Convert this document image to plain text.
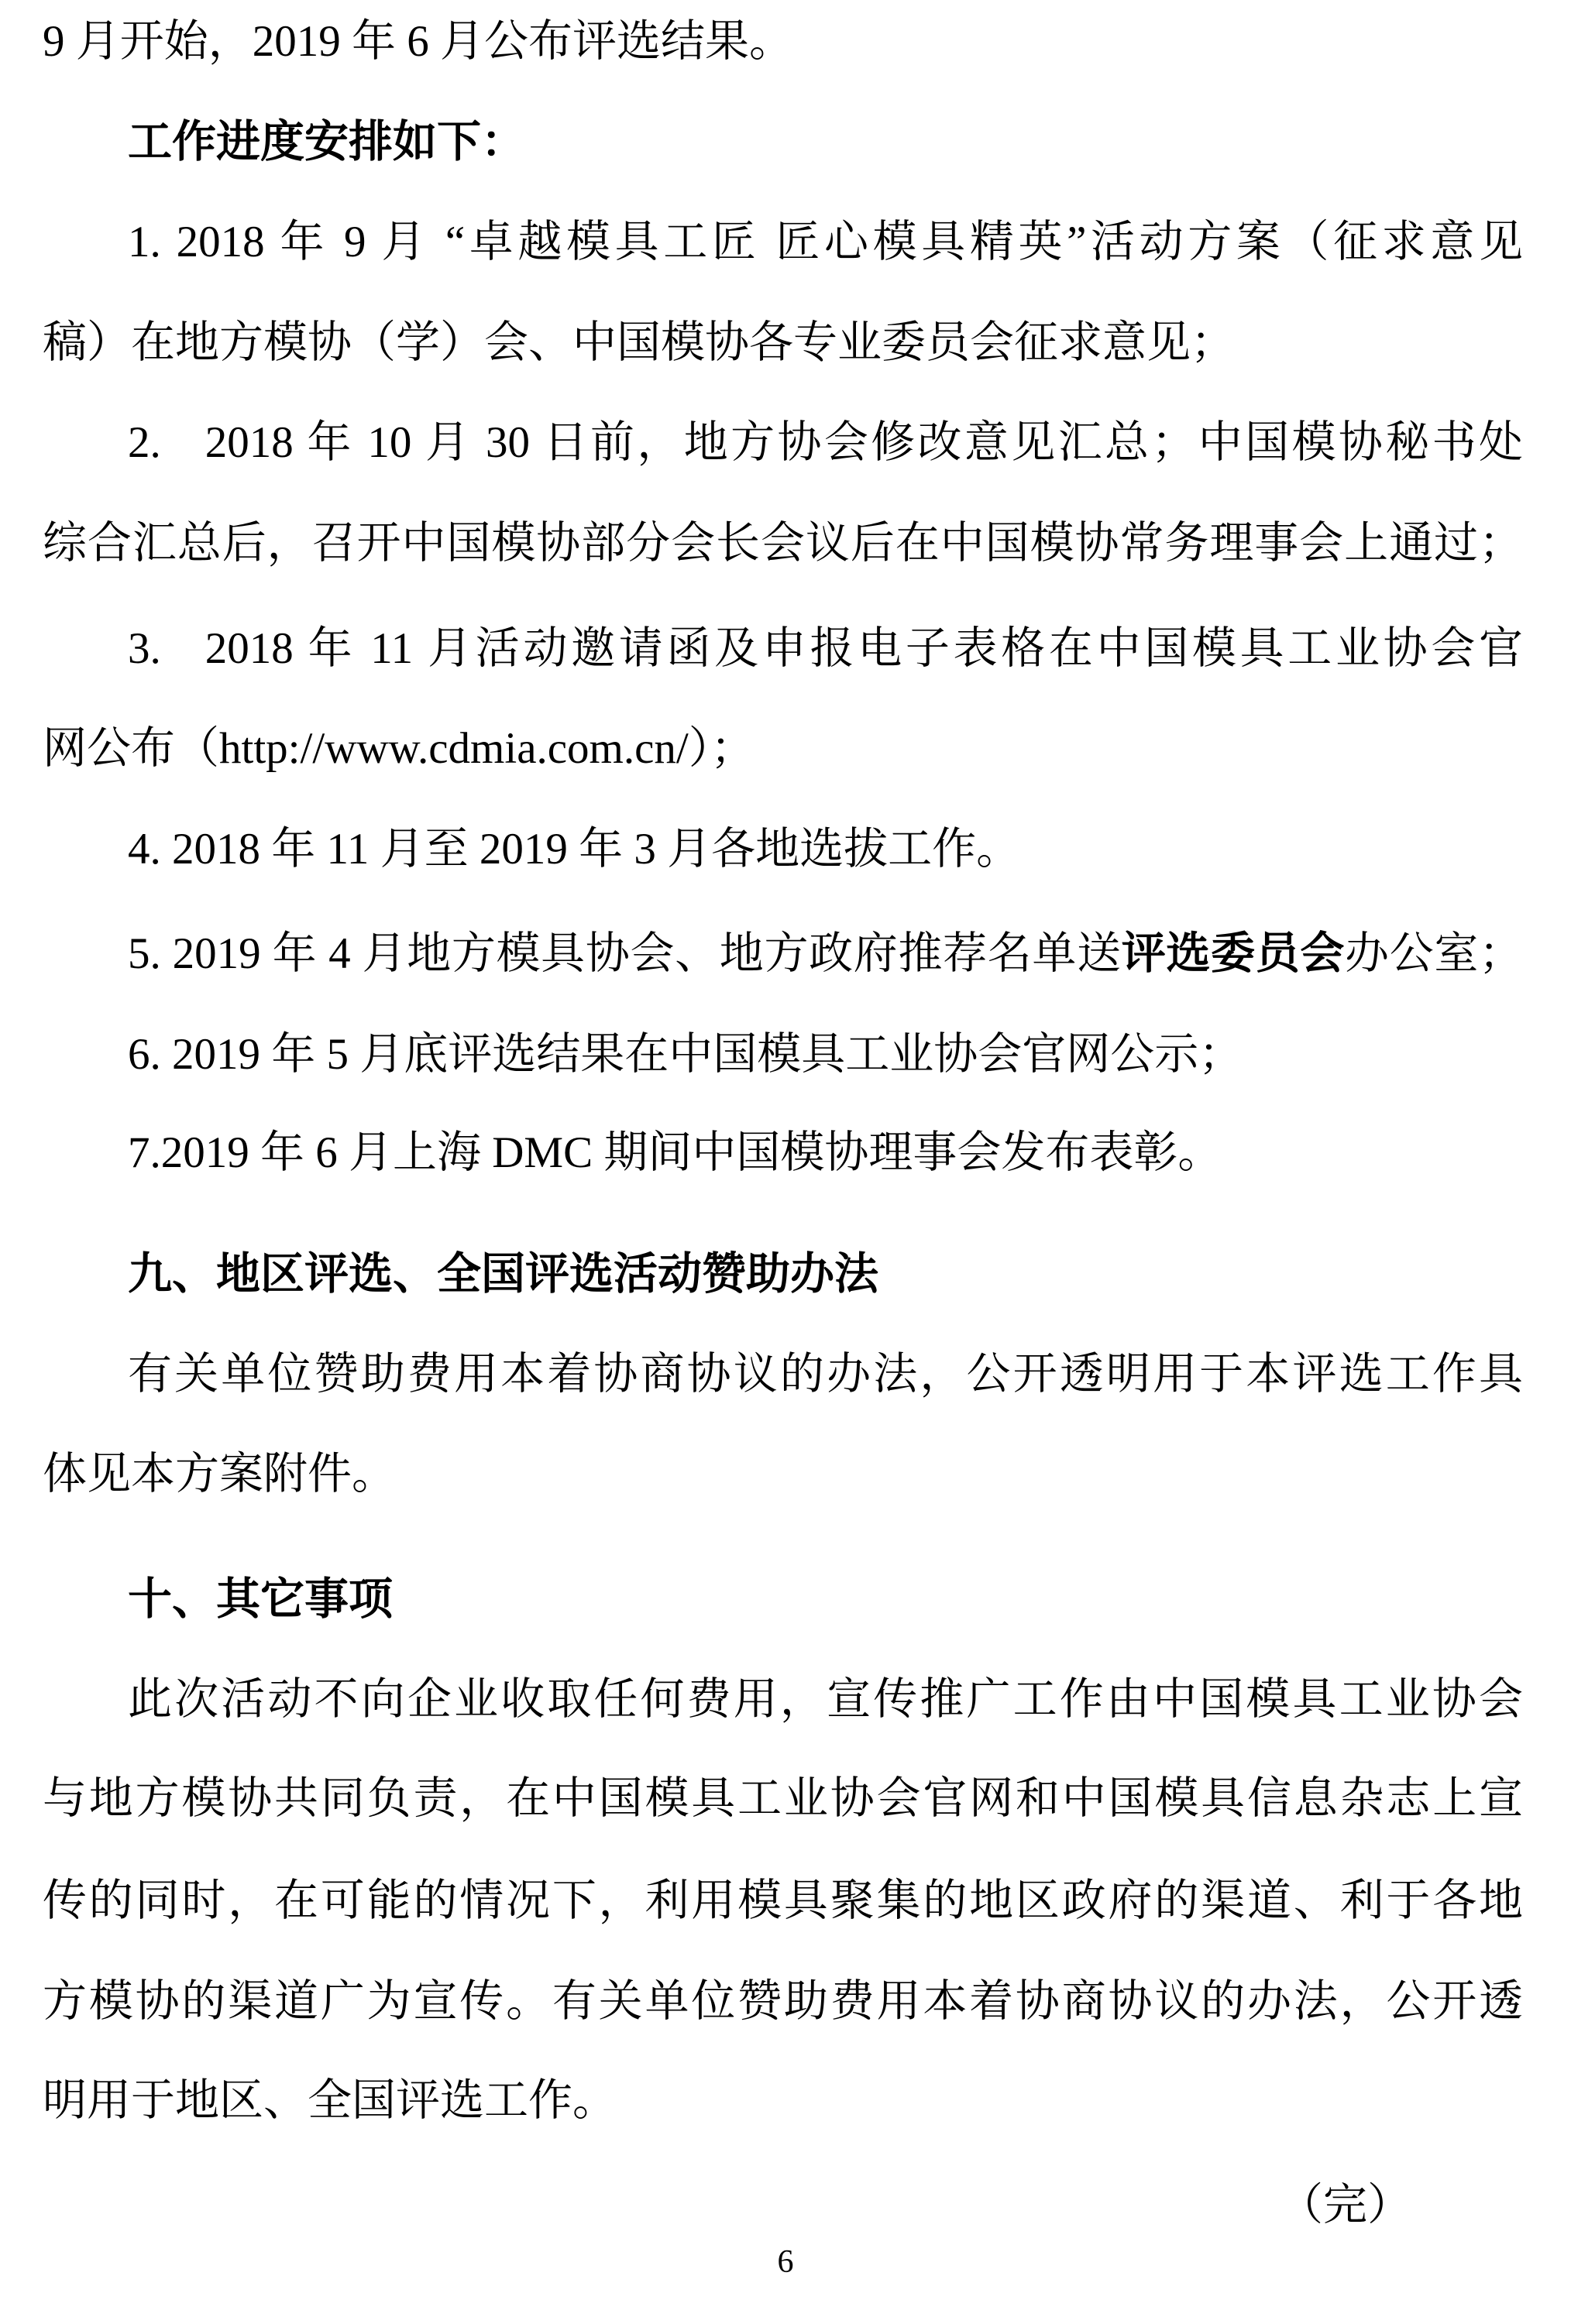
9 月开始，2019 年 6 月公布评选结果。
工作进度安排如下：
1. 2018 年 9 月 “卓越模具工匠 匠心模具精英”活动方案（征求意见
稿）在地方模协（学）会、中国模协各专业委员会征求意见；
2. 2018 年 10 月 30 日前，地方协会修改意见汇总；中国模协秘书处
综合汇总后，召开中国模协部分会长会议后在中国模协常务理事会上通过；
3. 2018 年 11 月活动邀请函及申报电子表格在中国模具工业协会官
网公布（http://www.cdmia.com.cn/）；
4. 2018 年 11 月至 2019 年 3 月各地选拔工作。
5. 2019 年 4 月地方模具协会、地方政府推荐名单送评选委员会办公室；
6. 2019 年 5 月底评选结果在中国模具工业协会官网公示；
7.2019 年 6 月上海 DMC 期间中国模协理事会发布表彰。
九、地区评选、全国评选活动赞助办法
有关单位赞助费用本着协商协议的办法，公开透明用于本评选工作具
体见本方案附件。
十、其它事项
此次活动不向企业收取任何费用，宣传推广工作由中国模具工业协会
与地方模协共同负责，在中国模具工业协会官网和中国模具信息杂志上宣
传的同时，在可能的情况下，利用模具聚集的地区政府的渠道、利于各地
方模协的渠道广为宣传。有关单位赞助费用本着协商协议的办法，公开透
明用于地区、全国评选工作。
（完）
6
